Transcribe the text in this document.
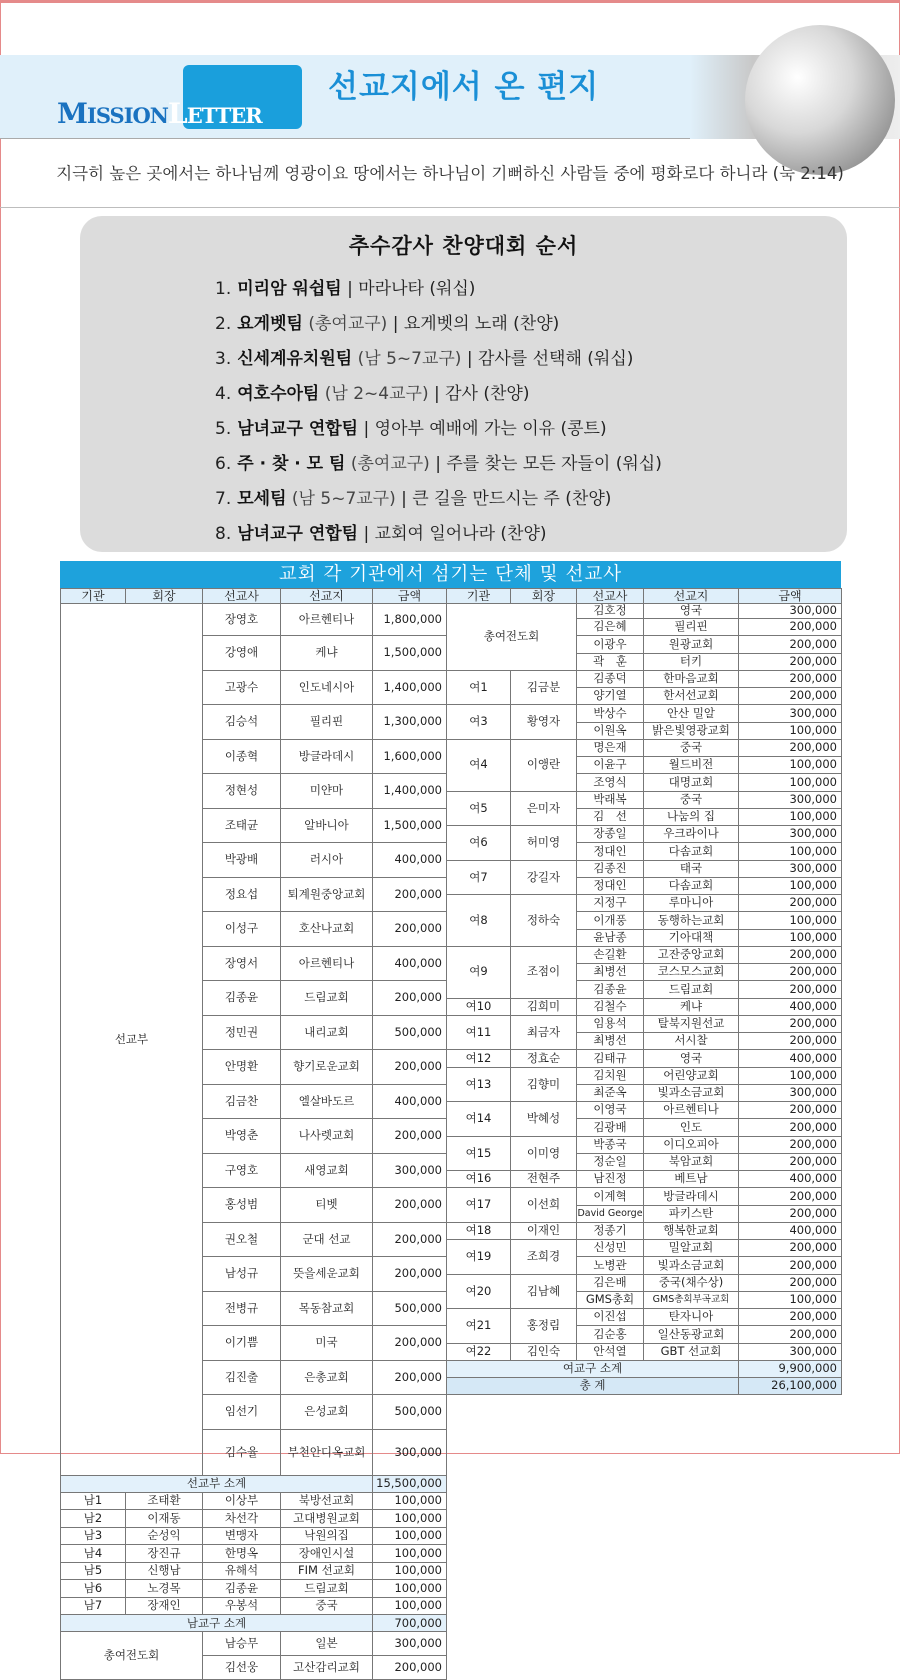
MISSIONLETTER
선교지에서 온 편지
지극히 높은 곳에서는 하나님께 영광이요 땅에서는 하나님이 기뻐하신 사람들 중에 평화로다 하니라 (눅 2:14)
추수감사 찬양대회 순서
1. 미리암 워쉽팀 | 마라나타 (워십)
2. 요게벳팀 (총여교구) | 요게벳의 노래 (찬양)
3. 신세계유치원팀 (남 5~7교구) | 감사를 선택해 (워십)
4. 여호수아팀 (남 2~4교구) | 감사 (찬양)
5. 남녀교구 연합팀 | 영아부 예배에 가는 이유 (콩트)
6. 주 · 찾 · 모 팀 (총여교구) | 주를 찾는 모든 자들이 (워십)
7. 모세팀 (남 5~7교구) | 큰 길을 만드시는 주 (찬양)
8. 남녀교구 연합팀 | 교회여 일어나라 (찬양)
교회 각 기관에서 섬기는 단체 및 선교사
기관	회장	선교사	선교지	금액	기관	회장	선교사	선교지	금액
선교부		장영호	아르헨티나	1,800,000	총여전도회		김호정	영국	300,000
							김은혜	필리핀	200,000
		강영애	케냐	1,500,000			이광우	원광교회	200,000
							곽　훈	터키	200,000
		고광수	인도네시아	1,400,000	여1	김금분	김종덕	한마음교회	200,000
							양기열	한서선교회	200,000
		김승석	필리핀	1,300,000	여3	황영자	박상수	안산 밀알	300,000
							이원옥	밝은빛영광교회	100,000
		이종혁	방글라데시	1,600,000	여4	이앵란	명은재	중국	200,000
							이윤구	월드비전	100,000
		정현성	미얀마	1,400,000			조영식	대명교회	100,000
					여5	은미자	박래복	중국	300,000
		조태균	알바니아	1,500,000			김　선	나눔의 집	100,000
					여6	허미영	장종일	우크라이나	300,000
		박광배	러시아	400,000			정대인	다솜교회	100,000
					여7	강길자	김종진	태국	300,000
		정요섭	퇴계원중앙교회	200,000			정대인	다솜교회	100,000
					여8	정하숙	지정구	루마니아	200,000
		이성구	호산나교회	200,000			이개풍	동행하는교회	100,000
							윤남종	기아대책	100,000
		장영서	아르헨티나	400,000	여9	조점이	손길환	고잔중앙교회	200,000
							최병선	코스모스교회	200,000
		김종윤	드림교회	200,000			김종윤	드림교회	200,000
					여10	김희미	김철수	케냐	400,000
		정민권	내리교회	500,000	여11	최금자	임용석	탈북지원선교	200,000
							최병선	서시찰	200,000
		안명환	향기로운교회	200,000	여12	정효순	김태규	영국	400,000
					여13	김향미	김치원	어린양교회	100,000
		김금찬	엘살바도르	400,000			최준옥	빛과소금교회	300,000
					여14	박혜성	이영국	아르헨티나	200,000
		박영춘	나사렛교회	200,000			김광배	인도	200,000
					여15	이미영	박종국	이디오피아	200,000
		구영호	새영교회	300,000			정순일	북암교회	200,000
					여16	전현주	남진정	베트남	400,000
		홍성범	티벳	200,000	여17	이선희	이계혁	방글라데시	200,000
							David George	파키스탄	200,000
		권오철	군대 선교	200,000	여18	이재인	정종기	행복한교회	400,000
					여19	조희경	신성민	밀알교회	200,000
		남성규	뜻을세운교회	200,000			노병관	빛과소금교회	200,000
					여20	김남혜	김은배	중국(채수상)	200,000
		전병규	목동참교회	500,000			GMS총회	GMS총회부곡교회	100,000
					여21	홍정림	이진섭	탄자니아	200,000
		이기쁨	미국	200,000			김순홍	일산동광교회	200,000
					여22	김인숙	안석열	GBT 선교회	300,000
		김진출	은총교회	200,000	여교구 소계				9,900,000
					총 계				26,100,000
		임선기	은성교회	500,000					

		김수율	부천안디옥교회	300,000					

선교부 소계				15,500,000					
남1	조태환	이상부	북방선교회	100,000					
남2	이재동	차선각	고대병원교회	100,000					
남3	순성익	변맹자	낙원의집	100,000					
남4	장진규	한명옥	장애인시설	100,000					
남5	신행남	유해석	FIM 선교회	100,000					
남6	노경목	김종윤	드림교회	100,000					
남7	장재인	우봉석	중국	100,000					
남교구 소계				700,000					
총여전도회		남승무	일본	300,000					
		김선웅	고산감리교회	200,000					
